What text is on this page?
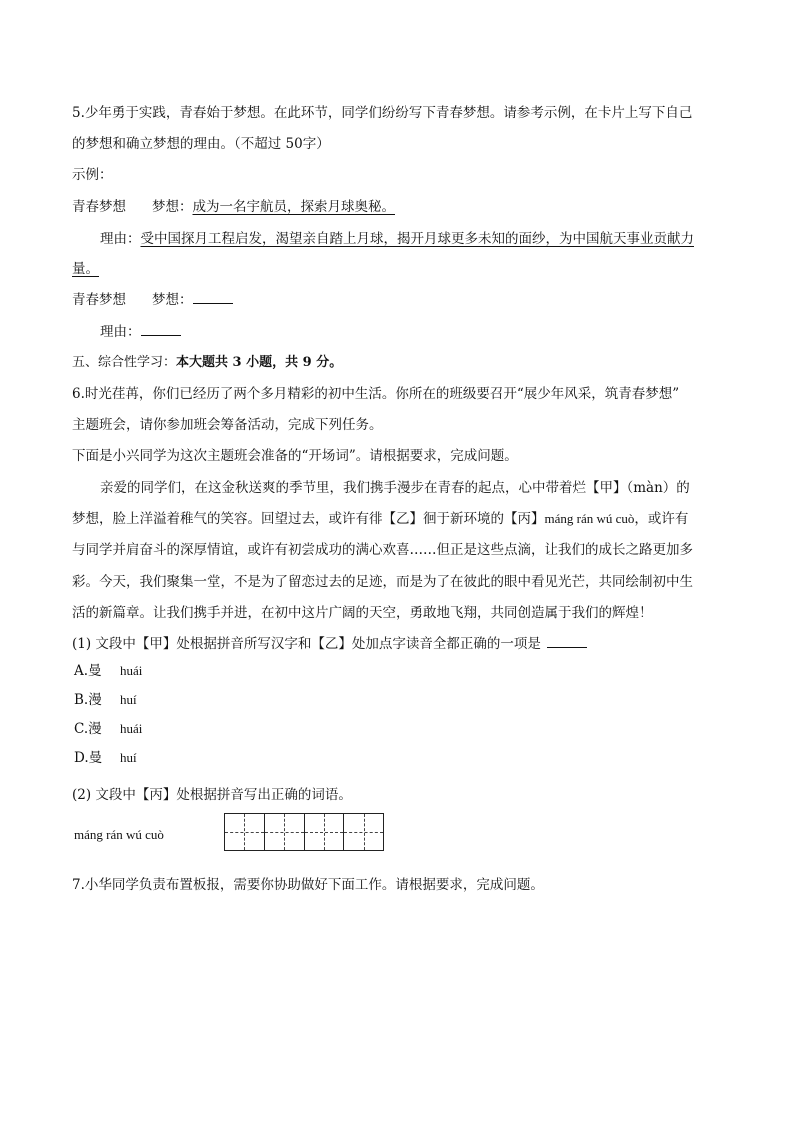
5.少年勇于实践，青春始于梦想。在此环节，同学们纷纷写下青春梦想。请参考示例，在卡片上写下自己
的梦想和确立梦想的理由。（不超过 50字）
示例：
青春梦想 梦想：成为一名宇航员，探索月球奥秘。
理由：受中国探月工程启发，渴望亲自踏上月球，揭开月球更多未知的面纱，为中国航天事业贡献力
量。
青春梦想 梦想：
理由：
五、综合性学习：本大题共 3 小题，共 9 分。
6.时光荏苒，你们已经历了两个多月精彩的初中生活。你所在的班级要召开“展少年风采，筑青春梦想”
主题班会，请你参加班会筹备活动，完成下列任务。
下面是小兴同学为这次主题班会准备的“开场词”。请根据要求，完成问题。
亲爱的同学们，在这金秋送爽的季节里，我们携手漫步在青春的起点，心中带着烂【甲】（màn）的
梦想，脸上洋溢着稚气的笑容。回望过去，或许有徘【乙】徊于新环境的【丙】máng rán wú cuò，或许有
与同学并肩奋斗的深厚情谊，或许有初尝成功的满心欢喜……但正是这些点滴，让我们的成长之路更加多
彩。今天，我们聚集一堂，不是为了留恋过去的足迹，而是为了在彼此的眼中看见光芒，共同绘制初中生
活的新篇章。让我们携手并进，在初中这片广阔的天空，勇敢地飞翔，共同创造属于我们的辉煌！
(1) 文段中【甲】处根据拼音所写汉字和【乙】处加点字读音全都正确的一项是
A.曼 huái
B.漫 huí
C.漫 huái
D.曼 huí
(2) 文段中【丙】处根据拼音写出正确的词语。
máng rán wú cuò
7.小华同学负责布置板报，需要你协助做好下面工作。请根据要求，完成问题。
